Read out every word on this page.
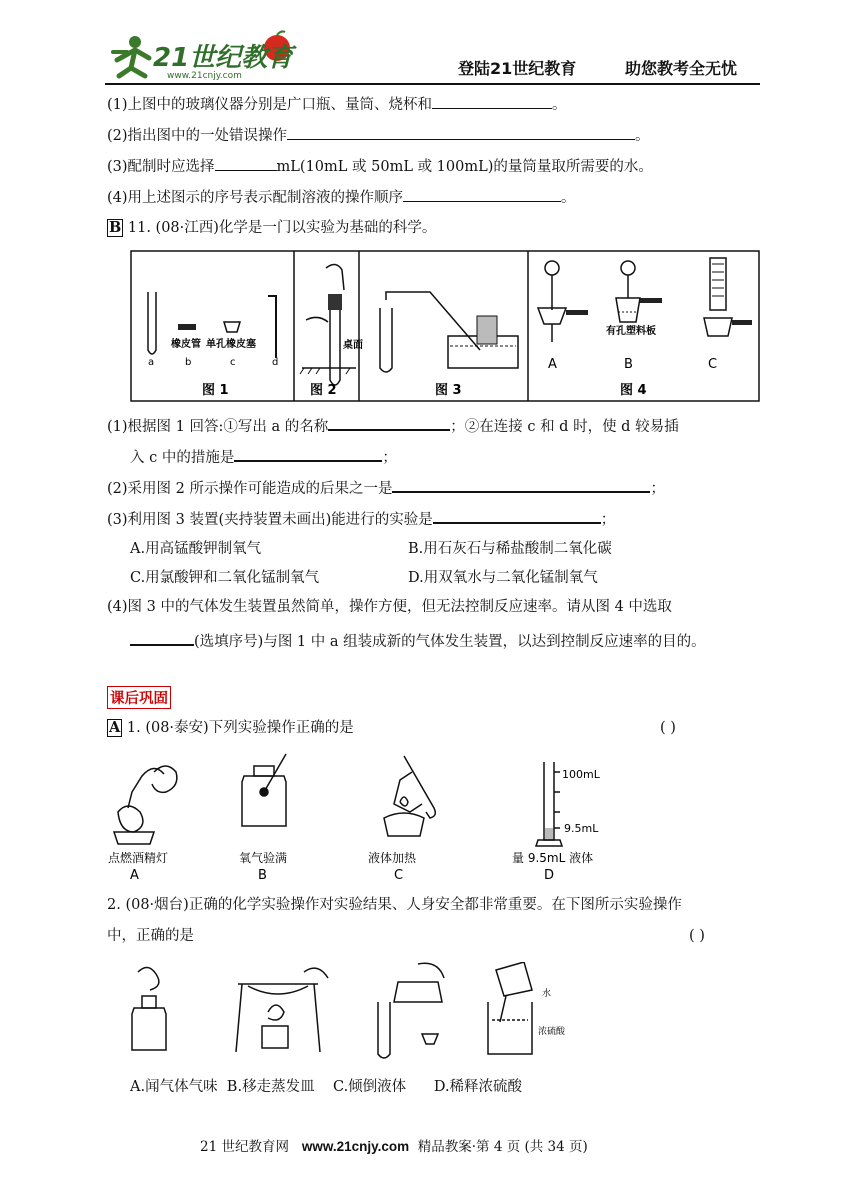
21世纪教育
www.21cnjy.com	登陆21世纪教育	助您教考全无忧
(1)上图中的玻璃仪器分别是广口瓶、量筒、烧杯和	。
(2)指出图中的一处错误操作	。
(3)配制时应选择	mL(10mL 或 50mL 或 100mL)的量筒量取所需要的水。
(4)用上述图示的序号表示配制溶液的操作顺序	。
B 11. (08·江西)化学是一门以实验为基础的科学。
橡皮管 单孔橡皮塞
a	b	c	d
图 1
桌面
图 2	图 3
有孔塑料板
A	B	C
图 4
(1)根据图 1 回答:①写出 a 的名称	；②在连接 c 和 d 时，使 d 较易插
入 c 中的措施是	；
(2)采用图 2 所示操作可能造成的后果之一是	；
(3)利用图 3 装置(夹持装置未画出)能进行的实验是	；
A.用高锰酸钾制氧气	B.用石灰石与稀盐酸制二氧化碳
C.用氯酸钾和二氧化锰制氧气	D.用双氧水与二氧化锰制氧气
(4)图 3 中的气体发生装置虽然简单，操作方便，但无法控制反应速率。请从图 4 中选取
(选填序号)与图 1 中 a 组装成新的气体发生装置，以达到控制反应速率的目的。
课后巩固
A 1. (08·泰安)下列实验操作正确的是	( )
100mL
9.5mL
点燃酒精灯	氧气验满	液体加热	量 9.5mL 液体
A	B	C	D
2. (08·烟台)正确的化学实验操作对实验结果、人身安全都非常重要。在下图所示实验操作
中，正确的是	( )
水
浓硫酸
A.闻气体气味  B.移走蒸发皿    C.倾倒液体      D.稀释浓硫酸
21 世纪教育网 www.21cnjy.com 精品教案·第 4 页 (共 34 页)
